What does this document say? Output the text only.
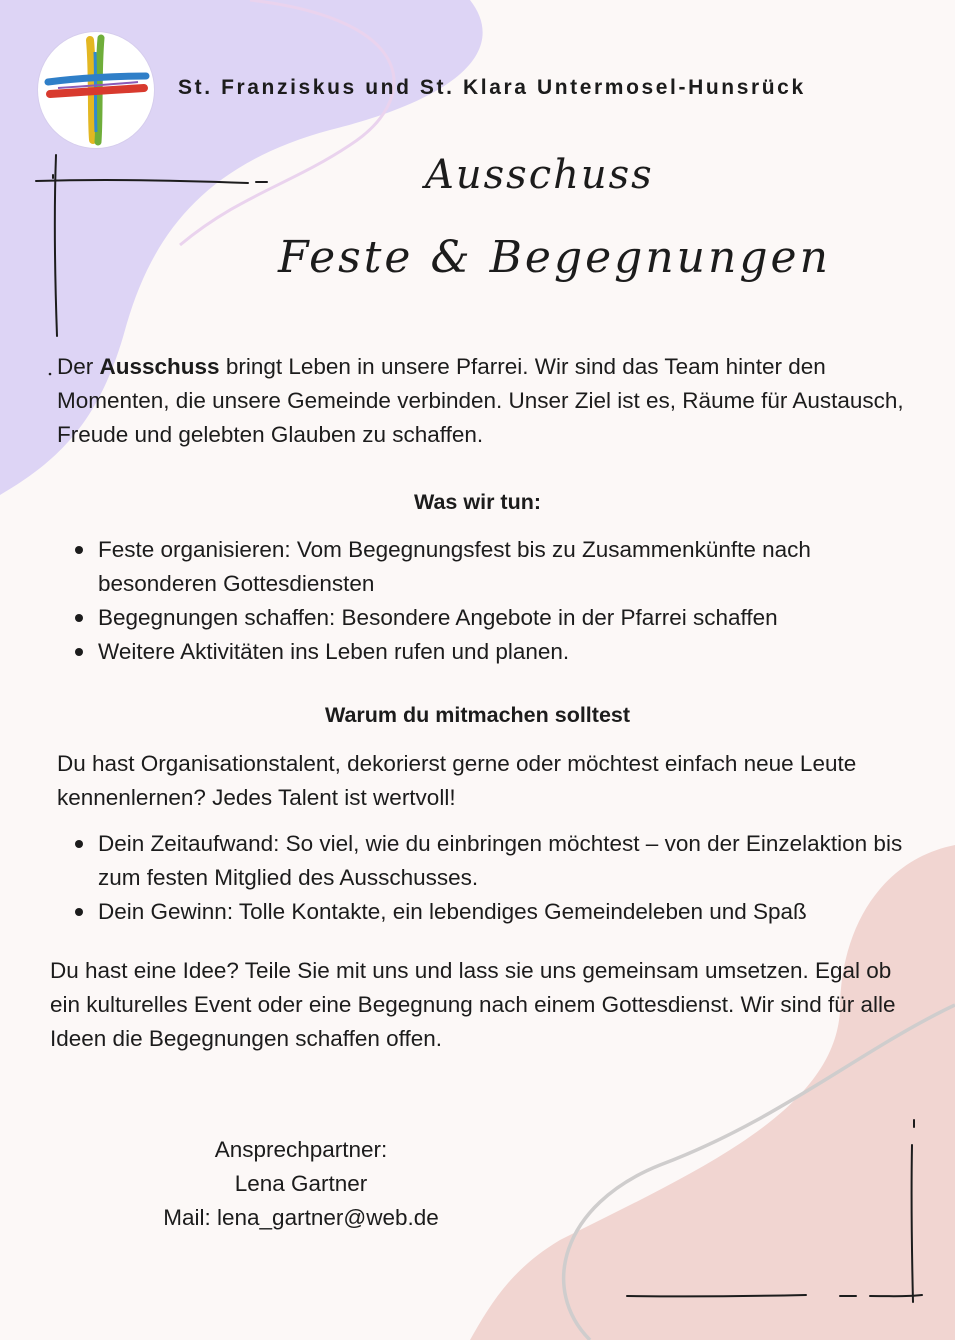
St. Franziskus und St. Klara Untermosel-Hunsrück
Ausschuss
Feste & Begegnungen

Der Ausschuss bringt Leben in unsere Pfarrei. Wir sind das Team hinter den Momenten, die unsere Gemeinde verbinden. Unser Ziel ist es, Räume für Austausch, Freude und gelebten Glauben zu schaffen.

Was wir tun:
Feste organisieren: Vom Begegnungsfest bis zu Zusammenkünfte nach besonderen Gottesdiensten
Begegnungen schaffen: Besondere Angebote in der Pfarrei schaffen
Weitere Aktivitäten ins Leben rufen und planen.
Warum du mitmachen solltest

Du hast Organisationstalent, dekorierst gerne oder möchtest einfach neue Leute kennenlernen? Jedes Talent ist wertvoll!

Dein Zeitaufwand: So viel, wie du einbringen möchtest – von der Einzelaktion bis zum festen Mitglied des Ausschusses.
Dein Gewinn: Tolle Kontakte, ein lebendiges Gemeindeleben und Spaß

Du hast eine Idee? Teile Sie mit uns und lass sie uns gemeinsam umsetzen. Egal ob ein kulturelles Event oder eine Begegnung nach einem Gottesdienst. Wir sind für alle Ideen die Begegnungen schaffen offen.

Ansprechpartner:
Lena Gartner
Mail: lena_gartner@web.de
